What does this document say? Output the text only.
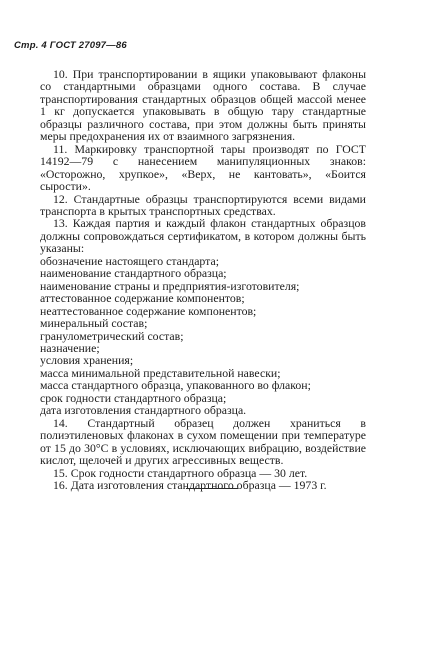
Стр. 4 ГОСТ 27097—86

10. При транспортировании в ящики упаковывают флаконы со стандартными образцами одного состава. В случае транспортирования стандартных образцов общей массой менее 1 кг допускается упаковывать в общую тару стандартные образцы различного состава, при этом должны быть приняты меры предохранения их от взаимного загрязнения.

11. Маркировку транспортной тары производят по ГОСТ 14192—79 с нанесением манипуляционных знаков: «Осторожно, хрупкое», «Верх, не кантовать», «Боится сырости».

12. Стандартные образцы транспортируются всеми видами транспорта в крытых транспортных средствах.

13. Каждая партия и каждый флакон стандартных образцов должны сопровождаться сертификатом, в котором должны быть указаны:

обозначение настоящего стандарта;

наименование стандартного образца;

наименование страны и предприятия-изготовителя;

аттестованное содержание компонентов;

неаттестованное содержание компонентов;

минеральный состав;

гранулометрический состав;

назначение;

условия хранения;

масса минимальной представительной навески;

масса стандартного образца, упакованного во флакон;

срок годности стандартного образца;

дата изготовления стандартного образца.

14. Стандартный образец должен храниться в полиэтиленовых флаконах в сухом помещении при температуре от 15 до 30°С в условиях, исключающих вибрацию, воздействие кислот, щелочей и других агрессивных веществ.

15. Срок годности стандартного образца — 30 лет.

16. Дата изготовления стандартного образца — 1973 г.
